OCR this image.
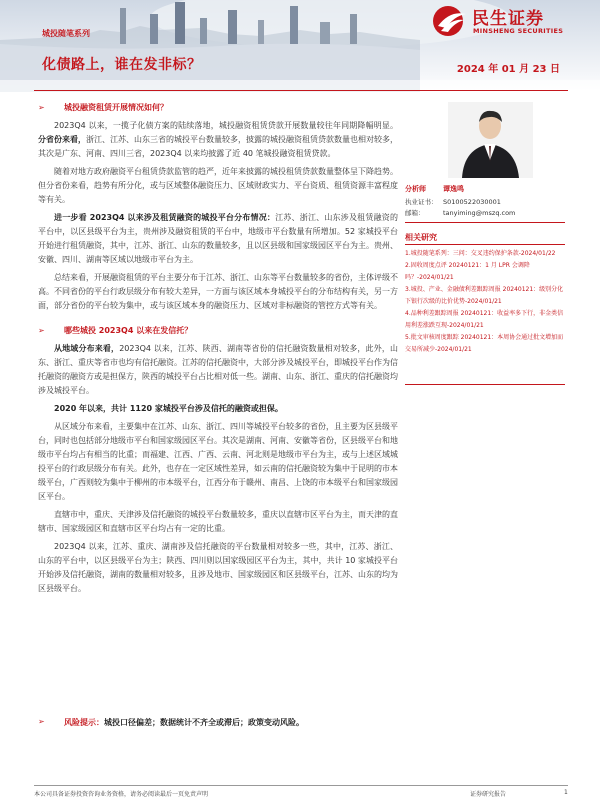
城投随笔系列
化债路上，谁在发非标？	2024 年 01 月 23 日
民生证券
MINSHENG SECURITIES
➢ 城投融资租赁开展情况如何？

2023Q4 以来，一揽子化债方案的陆续落地，城投融资租赁贷款开展数量较往年同期降幅明显。分省份来看，浙江、江苏、山东三省的城投平台数量较多，披露的城投融资租赁贷款数量也相对较多，其次是广东、河南、四川三省，2023Q4 以来均披露了近 40 笔城投融资租赁贷款。

随着对地方政府融资平台租赁贷款监管的趋严，近年来披露的城投租赁贷款数量整体呈下降趋势。但分省份来看，趋势有所分化，或与区域整体融资压力、区域财政实力、平台资质、租赁资源丰富程度等有关。

进一步看 2023Q4 以来涉及租赁融资的城投平台分布情况：江苏、浙江、山东涉及租赁融资的平台中，以区县级平台为主，贵州涉及融资租赁的平台中，地级市平台数量有所增加。52 家城投平台开始进行租赁融资，其中，江苏、浙江、山东的数量较多，且以区县级和国家级园区平台为主。贵州、安徽、四川、湖南等区域以地级市平台为主。

总结来看，开展融资租赁的平台主要分布于江苏、浙江、山东等平台数量较多的省份，主体评级不高。不同省份的平台行政层级分布有较大差异，一方面与该区域本身城投平台的分布结构有关，另一方面，部分省份的平台较为集中，或与该区域本身的融资压力、区域对非标融资的管控方式等有关。

➢ 哪些城投 2023Q4 以来在发信托？

从地域分布来看，2023Q4 以来，江苏、陕西、湖南等省份的信托融资数量相对较多，此外，山东、浙江、重庆等省市也均有信托融资。江苏的信托融资中，大部分涉及城投平台，即城投平台作为信托融资的融资方或是担保方，陕西的城投平台占比相对低一些。湖南、山东、浙江、重庆的信托融资均涉及城投平台。

2020 年以来，共计 1120 家城投平台涉及信托的融资或担保。

从区域分布来看，主要集中在江苏、山东、浙江、四川等城投平台较多的省份，且主要为区县级平台，同时也包括部分地级市平台和国家级园区平台。其次是湖南、河南、安徽等省份，区县级平台和地级市平台均占有相当的比重；而福建、江西、广西、云南、河北则是地级市平台为主，或与上述区域城投平台的行政层级分布有关。此外，也存在一定区域性差异，如云南的信托融资较为集中于昆明的市本级平台，广西则较为集中于柳州的市本级平台，江西分布于赣州、南昌、上饶的市本级平台和国家级园区平台。

直辖市中，重庆、天津涉及信托融资的城投平台数量较多，重庆以直辖市区平台为主，而天津的直辖市、国家级园区和直辖市区平台均占有一定的比重。

2023Q4 以来，江苏、重庆、湖南涉及信托融资的平台数量相对较多一些，其中，江苏、浙江、山东的平台中，以区县级平台为主；陕西、四川则以国家级园区平台为主，其中，共计 10 家城投平台开始涉及信托融资，湖南的数量相对较多，且涉及地市、国家级园区和区县级平台，江苏、山东的均为区县级平台。

分析师 谭逸鸣
执业证书： S0100522030001
邮箱：	tanyiming@mszq.com
相关研究
1.城投随笔系列：三问：交叉违约保护条款-2024/01/22
2.固收周度点评 20240121：1 月 LPR 会调降吗？-2024/01/21
3.城投、产业、金融债利差跟踪周报 20240121：级别分化下银行次级的比价优势-2024/01/21
4.品种利差跟踪周报 20240121：收益率多下行，非金类信用利差涨跌互现-2024/01/21
5.批文审核周度跟踪 20240121：本周协会通过批文增加而交易所减少-2024/01/21
➢ 风险提示：城投口径偏差；数据统计不齐全或滞后；政策变动风险。
本公司具备证券投资咨询业务资格，请务必阅读最后一页免责声明	证券研究报告	1
